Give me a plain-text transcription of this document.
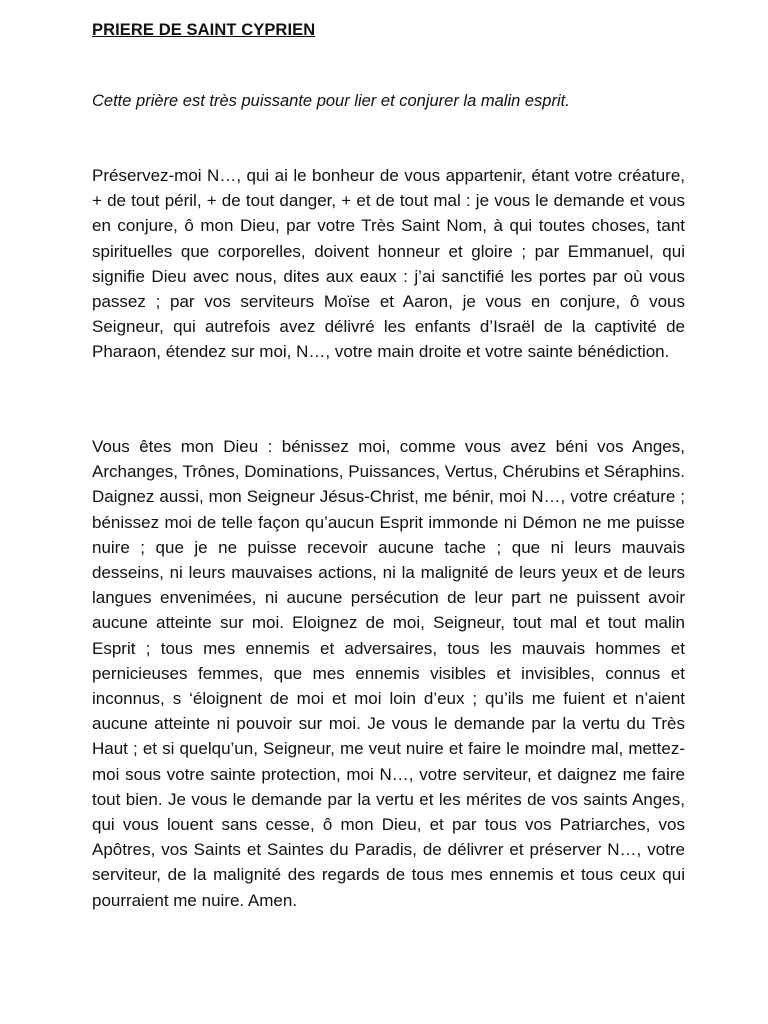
PRIERE DE SAINT CYPRIEN

Cette prière est très puissante pour lier et conjurer la malin esprit.

Préservez-moi N…, qui ai le bonheur de vous appartenir, étant votre créature, + de tout péril, + de tout danger, + et de tout mal : je vous le demande et vous en conjure, ô mon Dieu, par votre Très Saint Nom, à qui toutes choses, tant spirituelles que corporelles, doivent honneur et gloire ; par Emmanuel, qui signifie Dieu avec nous, dites aux eaux : j’ai sanctifié les portes par où vous passez ; par vos serviteurs Moïse et Aaron, je vous en conjure, ô vous Seigneur, qui autrefois avez délivré les enfants d’Israël de la captivité de Pharaon, étendez sur moi, N…, votre main droite et votre sainte bénédiction.

Vous êtes mon Dieu : bénissez moi, comme vous avez béni vos Anges, Archanges, Trônes, Dominations, Puissances, Vertus, Chérubins et Séraphins. Daignez aussi, mon Seigneur Jésus-Christ, me bénir, moi N…, votre créature ; bénissez moi de telle façon qu’aucun Esprit immonde ni Démon ne me puisse nuire ; que je ne puisse recevoir aucune tache ; que ni leurs mauvais desseins, ni leurs mauvaises actions, ni la malignité de leurs yeux et de leurs langues envenimées, ni aucune persécution de leur part ne puissent avoir aucune atteinte sur moi. Eloignez de moi, Seigneur, tout mal et tout malin Esprit ; tous mes ennemis et adversaires, tous les mauvais hommes et pernicieuses femmes, que mes ennemis visibles et invisibles, connus et inconnus, s ‘éloignent de moi et moi loin d’eux ; qu’ils me fuient et n’aient aucune atteinte ni pouvoir sur moi. Je vous le demande par la vertu du Très Haut ; et si quelqu’un, Seigneur, me veut nuire et faire le moindre mal, mettez-moi sous votre sainte protection, moi N…, votre serviteur, et daignez me faire tout bien. Je vous le demande par la vertu et les mérites de vos saints Anges, qui vous louent sans cesse, ô mon Dieu, et par tous vos Patriarches, vos Apôtres, vos Saints et Saintes du Paradis, de délivrer et préserver N…, votre serviteur, de la malignité des regards de tous mes ennemis et tous ceux qui pourraient me nuire. Amen.
